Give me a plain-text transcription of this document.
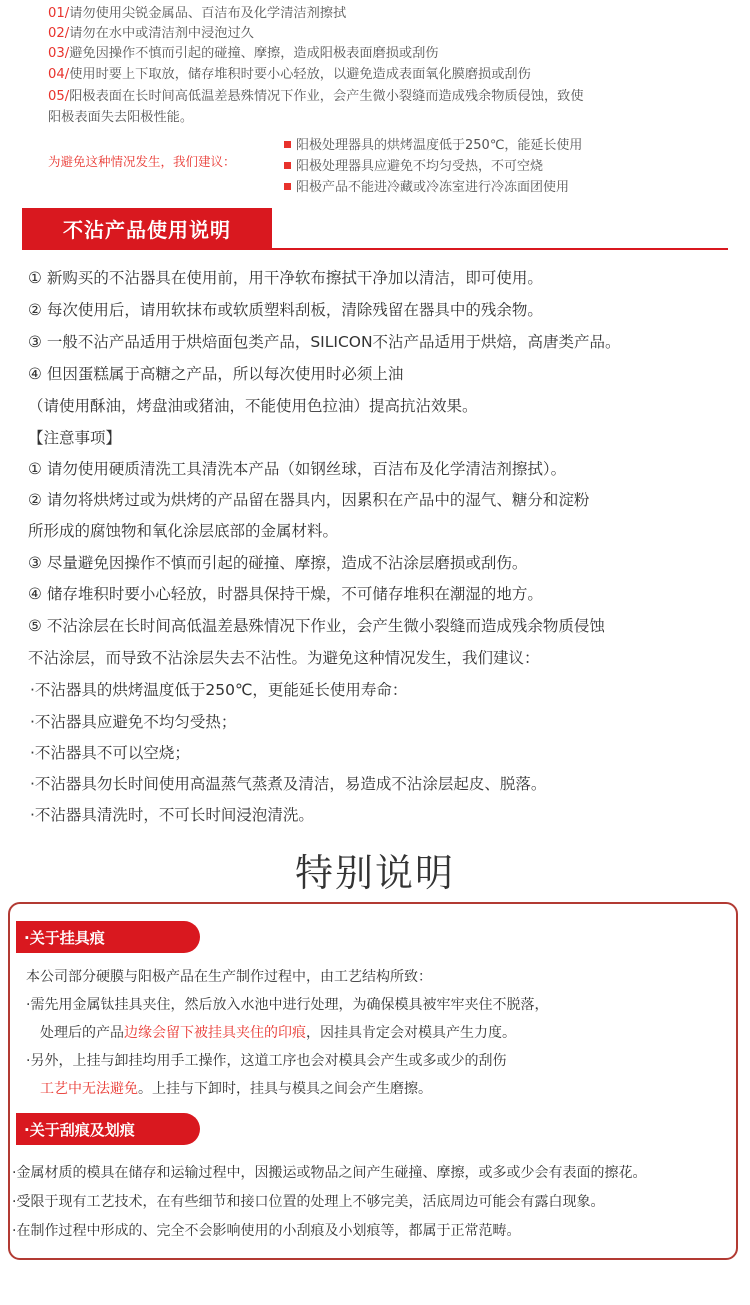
01/请勿使用尖锐金属品、百洁布及化学清洁剂擦拭
02/请勿在水中或清洁剂中浸泡过久
03/避免因操作不慎而引起的碰撞、摩擦，造成阳极表面磨损或刮伤
04/使用时要上下取放，储存堆积时要小心轻放，以避免造成表面氧化膜磨损或刮伤
05/阳极表面在长时间高低温差悬殊情况下作业，会产生微小裂缝而造成残余物质侵蚀，致使
阳极表面失去阳极性能。
为避免这种情况发生，我们建议：
阳极处理器具的烘烤温度低于250℃，能延长使用
阳极处理器具应避免不均匀受热，不可空烧
阳极产品不能进冷藏或冷冻室进行冷冻面团使用
不沾产品使用说明
① 新购买的不沾器具在使用前，用干净软布擦拭干净加以清洁，即可使用。
② 每次使用后，请用软抹布或软质塑料刮板，清除残留在器具中的残余物。
③ 一般不沾产品适用于烘焙面包类产品，SILICON不沾产品适用于烘焙，高唐类产品。
④ 但因蛋糕属于高糖之产品，所以每次使用时必须上油
（请使用酥油，烤盘油或猪油，不能使用色拉油）提高抗沾效果。
【注意事项】
① 请勿使用硬质清洗工具清洗本产品（如钢丝球，百洁布及化学清洁剂擦拭）。
② 请勿将烘烤过或为烘烤的产品留在器具内，因累积在产品中的湿气、糖分和淀粉
所形成的腐蚀物和氧化涂层底部的金属材料。
③ 尽量避免因操作不慎而引起的碰撞、摩擦，造成不沾涂层磨损或刮伤。
④ 储存堆积时要小心轻放，时器具保持干燥，不可储存堆积在潮湿的地方。
⑤ 不沾涂层在长时间高低温差悬殊情况下作业，会产生微小裂缝而造成残余物质侵蚀
不沾涂层，而导致不沾涂层失去不沾性。为避免这种情况发生，我们建议：
·不沾器具的烘烤温度低于250℃，更能延长使用寿命：
·不沾器具应避免不均匀受热；
·不沾器具不可以空烧；
·不沾器具勿长时间使用高温蒸气蒸煮及清洁，易造成不沾涂层起皮、脱落。
·不沾器具清洗时，不可长时间浸泡清洗。
特别说明
·关于挂具痕
本公司部分硬膜与阳极产品在生产制作过程中，由工艺结构所致：
·需先用金属钛挂具夹住，然后放入水池中进行处理，为确保模具被牢牢夹住不脱落，
处理后的产品边缘会留下被挂具夹住的印痕，因挂具肯定会对模具产生力度。
·另外，上挂与卸挂均用手工操作，这道工序也会对模具会产生或多或少的刮伤
工艺中无法避免。上挂与下卸时，挂具与模具之间会产生磨擦。
·关于刮痕及划痕
·金属材质的模具在储存和运输过程中，因搬运或物品之间产生碰撞、摩擦，或多或少会有表面的擦花。
·受限于现有工艺技术，在有些细节和接口位置的处理上不够完美，活底周边可能会有露白现象。
·在制作过程中形成的、完全不会影响使用的小刮痕及小划痕等，都属于正常范畴。
